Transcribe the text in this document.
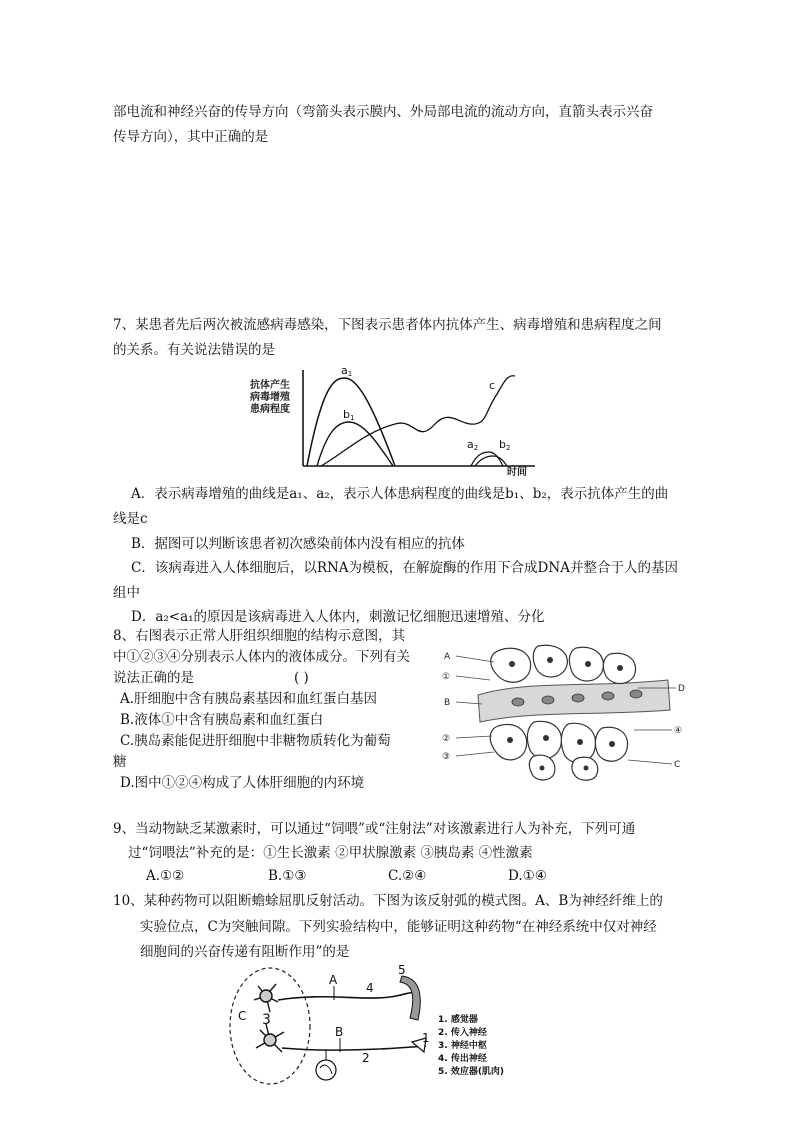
部电流和神经兴奋的传导方向（弯箭头表示膜内、外局部电流的流动方向，直箭头表示兴奋
传导方向），其中正确的是
7、某患者先后两次被流感病毒感染，下图表示患者体内抗体产生、病毒增殖和患病程度之间
的关系。有关说法错误的是
抗体产生
病毒增殖
患病程度
时间
a1
b1
c
a2 b2
A．表示病毒增殖的曲线是a₁、a₂，表示人体患病程度的曲线是b₁、b₂，表示抗体产生的曲
线是c
B．据图可以判断该患者初次感染前体内没有相应的抗体
C．该病毒进入人体细胞后，以RNA为模板，在解旋酶的作用下合成DNA并整合于人的基因
组中
D．a₂<a₁的原因是该病毒进入人体内，刺激记忆细胞迅速增殖、分化
8、右图表示正常人肝组织细胞的结构示意图，其
中①②③④分别表示人体内的液体成分。下列有关
说法正确的是	( )
A.肝细胞中含有胰岛素基因和血红蛋白基因
B.液体①中含有胰岛素和血红蛋白
C.胰岛素能促进肝细胞中非糖物质转化为葡萄
糖
D.图中①②④构成了人体肝细胞的内环境
A
①
B
②
③
D
④
C
9、当动物缺乏某激素时，可以通过“饲喂”或“注射法”对该激素进行人为补充，下列可通
过“饲喂法”补充的是：①生长激素 ②甲状腺激素 ③胰岛素 ④性激素
A.①②	B.①③	C.②④	D.①④
10、某种药物可以阻断蟾蜍屈肌反射活动。下图为该反射弧的模式图。A、B为神经纤维上的
实验位点，C为突触间隙。下列实验结构中，能够证明这种药物“在神经系统中仅对神经
细胞间的兴奋传递有阻断作用”的是
A
B
C 3
4
5
2
1
1. 感觉器
2. 传入神经
3. 神经中枢
4. 传出神经
5. 效应器(肌肉)
